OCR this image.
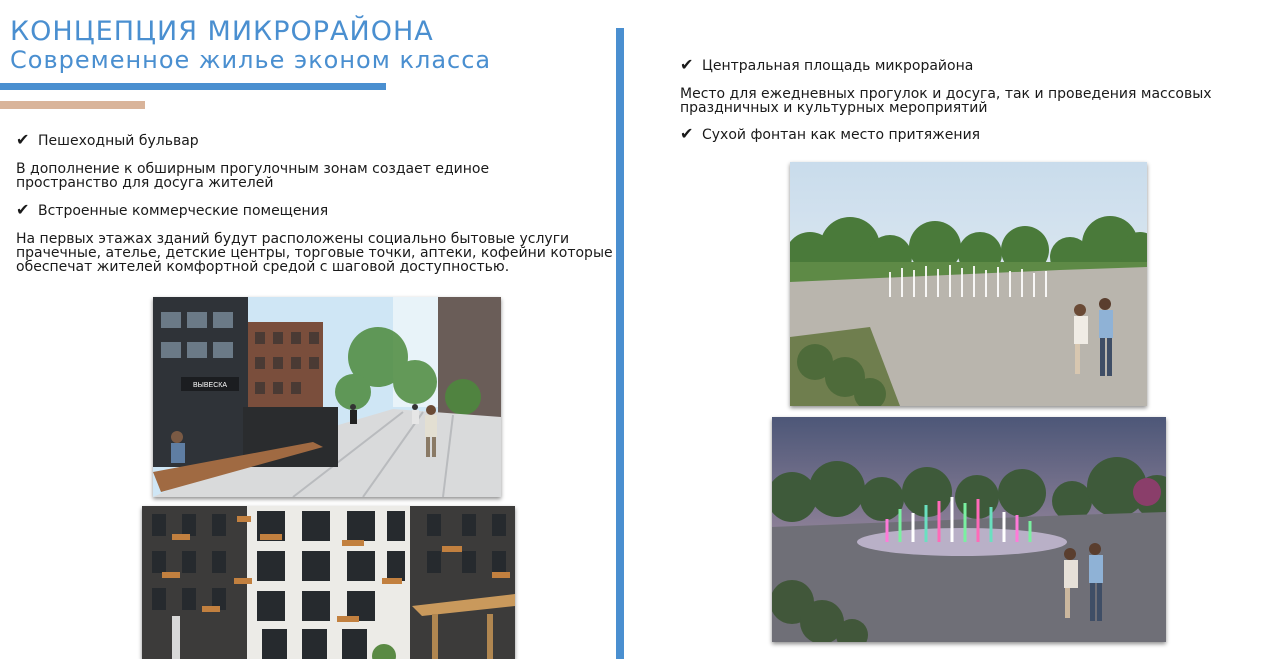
КОНЦЕПЦИЯ МИКРОРАЙОНА
Современное жилье эконом класса
✔ Пешеходный бульвар

В дополнение к обширным прогулочным зонам создает единое пространство для досуга жителей

✔ Встроенные коммерческие помещения

На первых этажах зданий будут расположены социально бытовые услуги прачечные, ателье, детские центры, торговые точки, аптеки, кофейни которые обеспечат жителей комфортной средой с шаговой доступностью.

ВЫВЕСКА
✔ Центральная площадь микрорайона

Место для ежедневных прогулок и досуга, так и проведения массовых праздничных и культурных мероприятий

✔ Сухой фонтан как место притяжения
